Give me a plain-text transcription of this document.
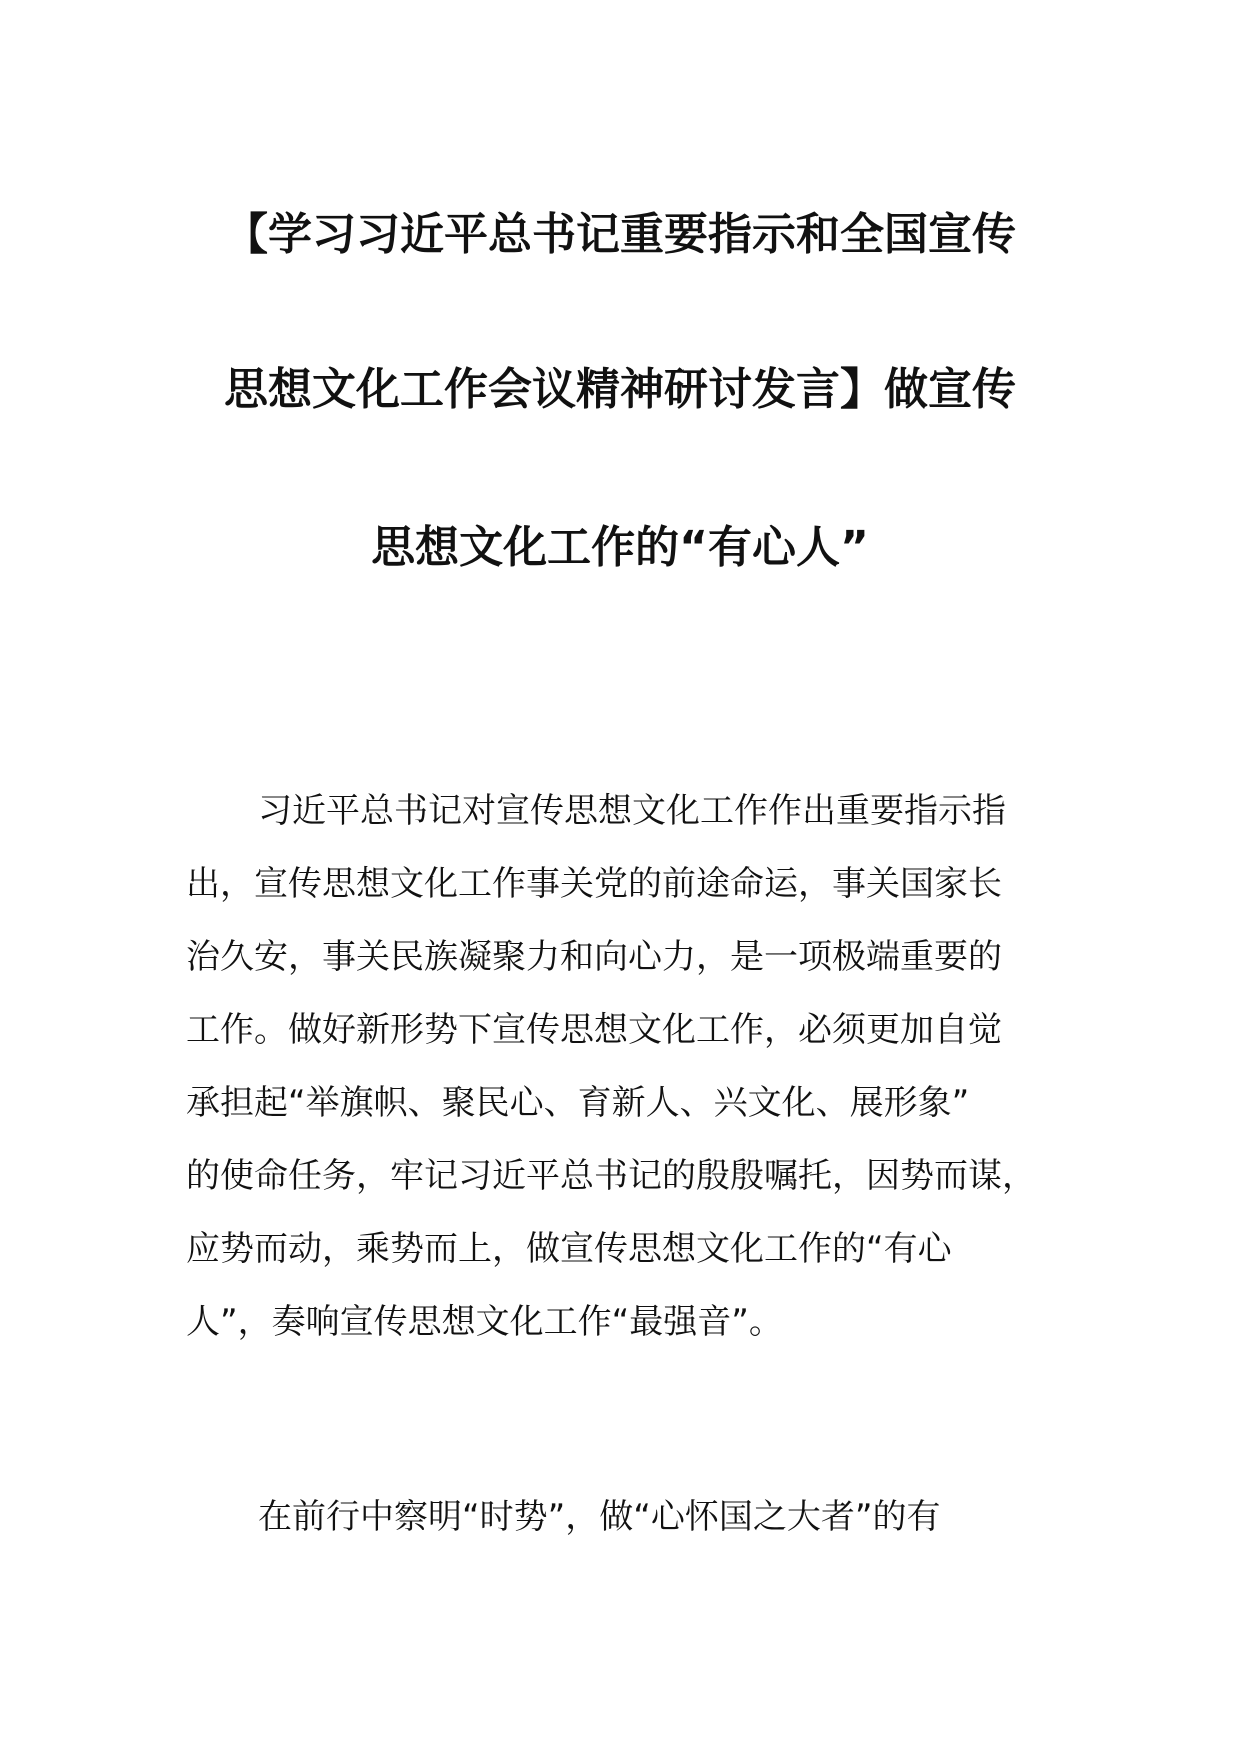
【学习习近平总书记重要指示和全国宣传
思想文化工作会议精神研讨发言】做宣传
思想文化工作的“有心人”
习近平总书记对宣传思想文化工作作出重要指示指
出，宣传思想文化工作事关党的前途命运，事关国家长
治久安，事关民族凝聚力和向心力，是一项极端重要的
工作。做好新形势下宣传思想文化工作，必须更加自觉
承担起“举旗帜、聚民心、育新人、兴文化、展形象”
的使命任务，牢记习近平总书记的殷殷嘱托，因势而谋，
应势而动，乘势而上，做宣传思想文化工作的“有心
人”，奏响宣传思想文化工作“最强音”。
在前行中察明“时势”，做“心怀国之大者”的有
